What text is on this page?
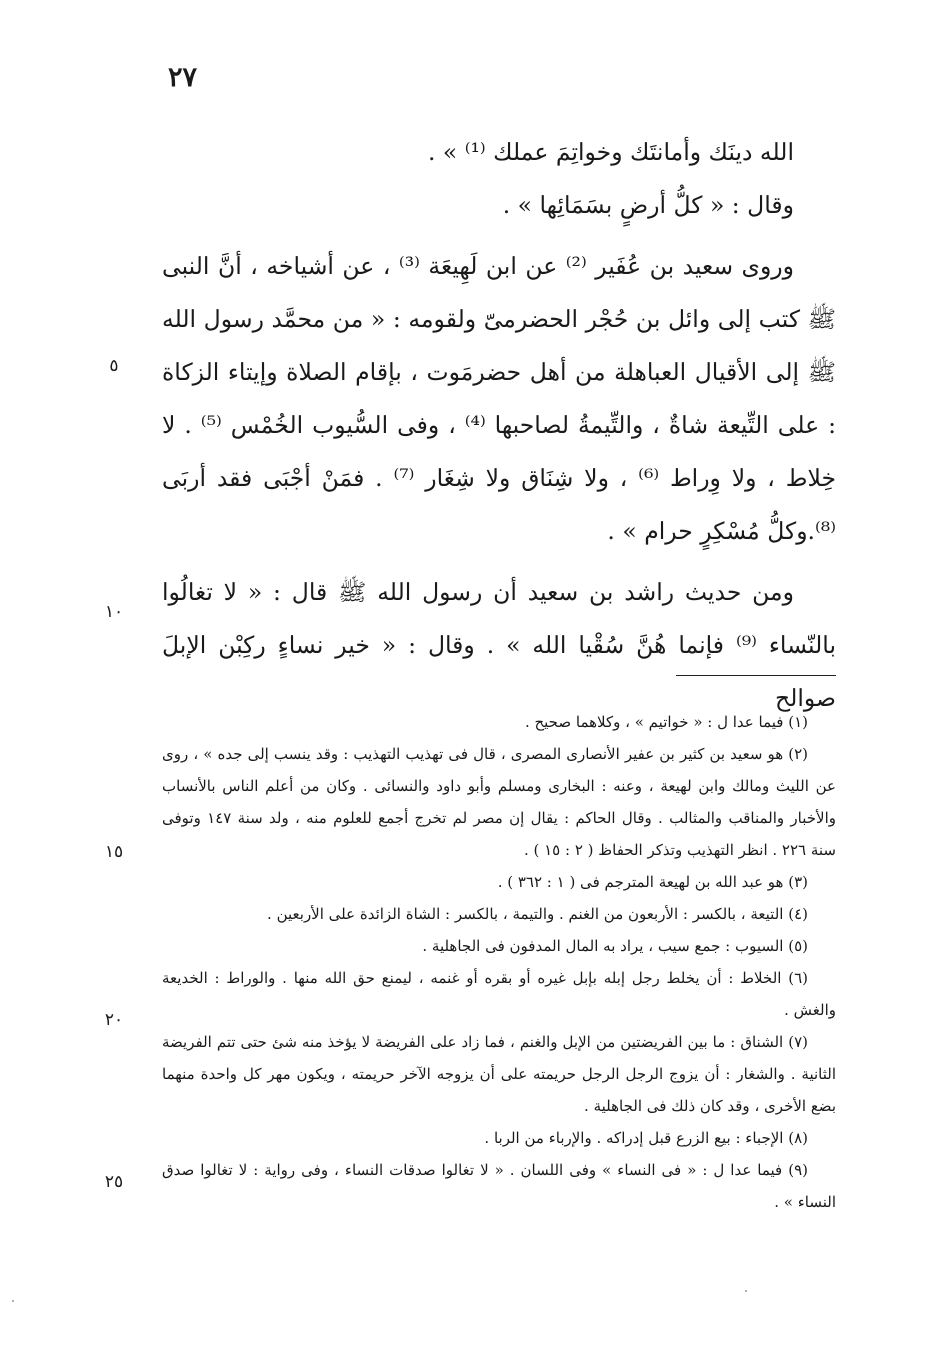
٢٧

الله دينَك وأمانتَك وخواتِمَ عملك ⁽¹⁾ » .

وقال : « كلُّ أرضٍ بسَمَائِها » .

وروى سعيد بن عُفَير ⁽²⁾ عن ابن لَهِيعَة ⁽³⁾ ، عن أشياخه ، أنَّ النبى ﷺ كتب إلى وائل بن حُجْر الحضرمىّ ولقومه : « من محمَّد رسول الله ﷺ إلى الأقيال العباهلة من أهل حضرمَوت ، بإقام الصلاة وإيتاء الزكاة : على التِّيعة شاةٌ ، والتِّيمةُ لصاحبها ⁽⁴⁾ ، وفى السُّيوب الخُمْس ⁽⁵⁾ . لا خِلاط ، ولا وِراط ⁽⁶⁾ ، ولا شِنَاق ولا شِغَار ⁽⁷⁾ . فمَنْ أجْبَى فقد أربَى ⁽⁸⁾.وكلُّ مُسْكِرٍ حرام » .

ومن حديث راشد بن سعيد أن رسول الله ﷺ قال : « لا تغالُوا بالنّساء ⁽⁹⁾ فإنما هُنَّ سُقْيا الله » . وقال : « خير نساءٍ ركِبْن الإبلَ صوالح

٥
١٠
١٥
٢٠
٢٥

(١) فيما عدا ل : « خواتيم » ، وكلاهما صحيح .

(٢) هو سعيد بن كثير بن عفير الأنصارى المصرى ، قال فى تهذيب التهذيب : وقد ينسب إلى جده » ، روى عن الليث ومالك وابن لهيعة ، وعنه : البخارى ومسلم وأبو داود والنسائى . وكان من أعلم الناس بالأنساب والأخبار والمناقب والمثالب . وقال الحاكم : يقال إن مصر لم تخرج أجمع للعلوم منه ، ولد سنة ١٤٧ وتوفى سنة ٢٢٦ . انظر التهذيب وتذكر الحفاظ ( ٢ : ١٥ ) .

(٣) هو عبد الله بن لهيعة المترجم فى ( ١ : ٣٦٢ ) .

(٤) التيعة ، بالكسر : الأربعون من الغنم . والتيمة ، بالكسر : الشاة الزائدة على الأربعين .

(٥) السيوب : جمع سيب ، يراد به المال المدفون فى الجاهلية .

(٦) الخلاط : أن يخلط رجل إبله بإبل غيره أو بقره أو غنمه ، ليمنع حق الله منها . والوراط : الخديعة والغش .

(٧) الشناق : ما بين الفريضتين من الإبل والغنم ، فما زاد على الفريضة لا يؤخذ منه شئ حتى تتم الفريضة الثانية . والشغار : أن يزوج الرجل الرجل حريمته على أن يزوجه الآخر حريمته ، ويكون مهر كل واحدة منهما بضع الأخرى ، وقد كان ذلك فى الجاهلية .

(٨) الإجباء : بيع الزرع قبل إدراكه . والإرباء من الربا .

(٩) فيما عدا ل : « فى النساء » وفى اللسان . « لا تغالوا صدقات النساء ، وفى رواية : لا تغالوا صدق النساء » .
